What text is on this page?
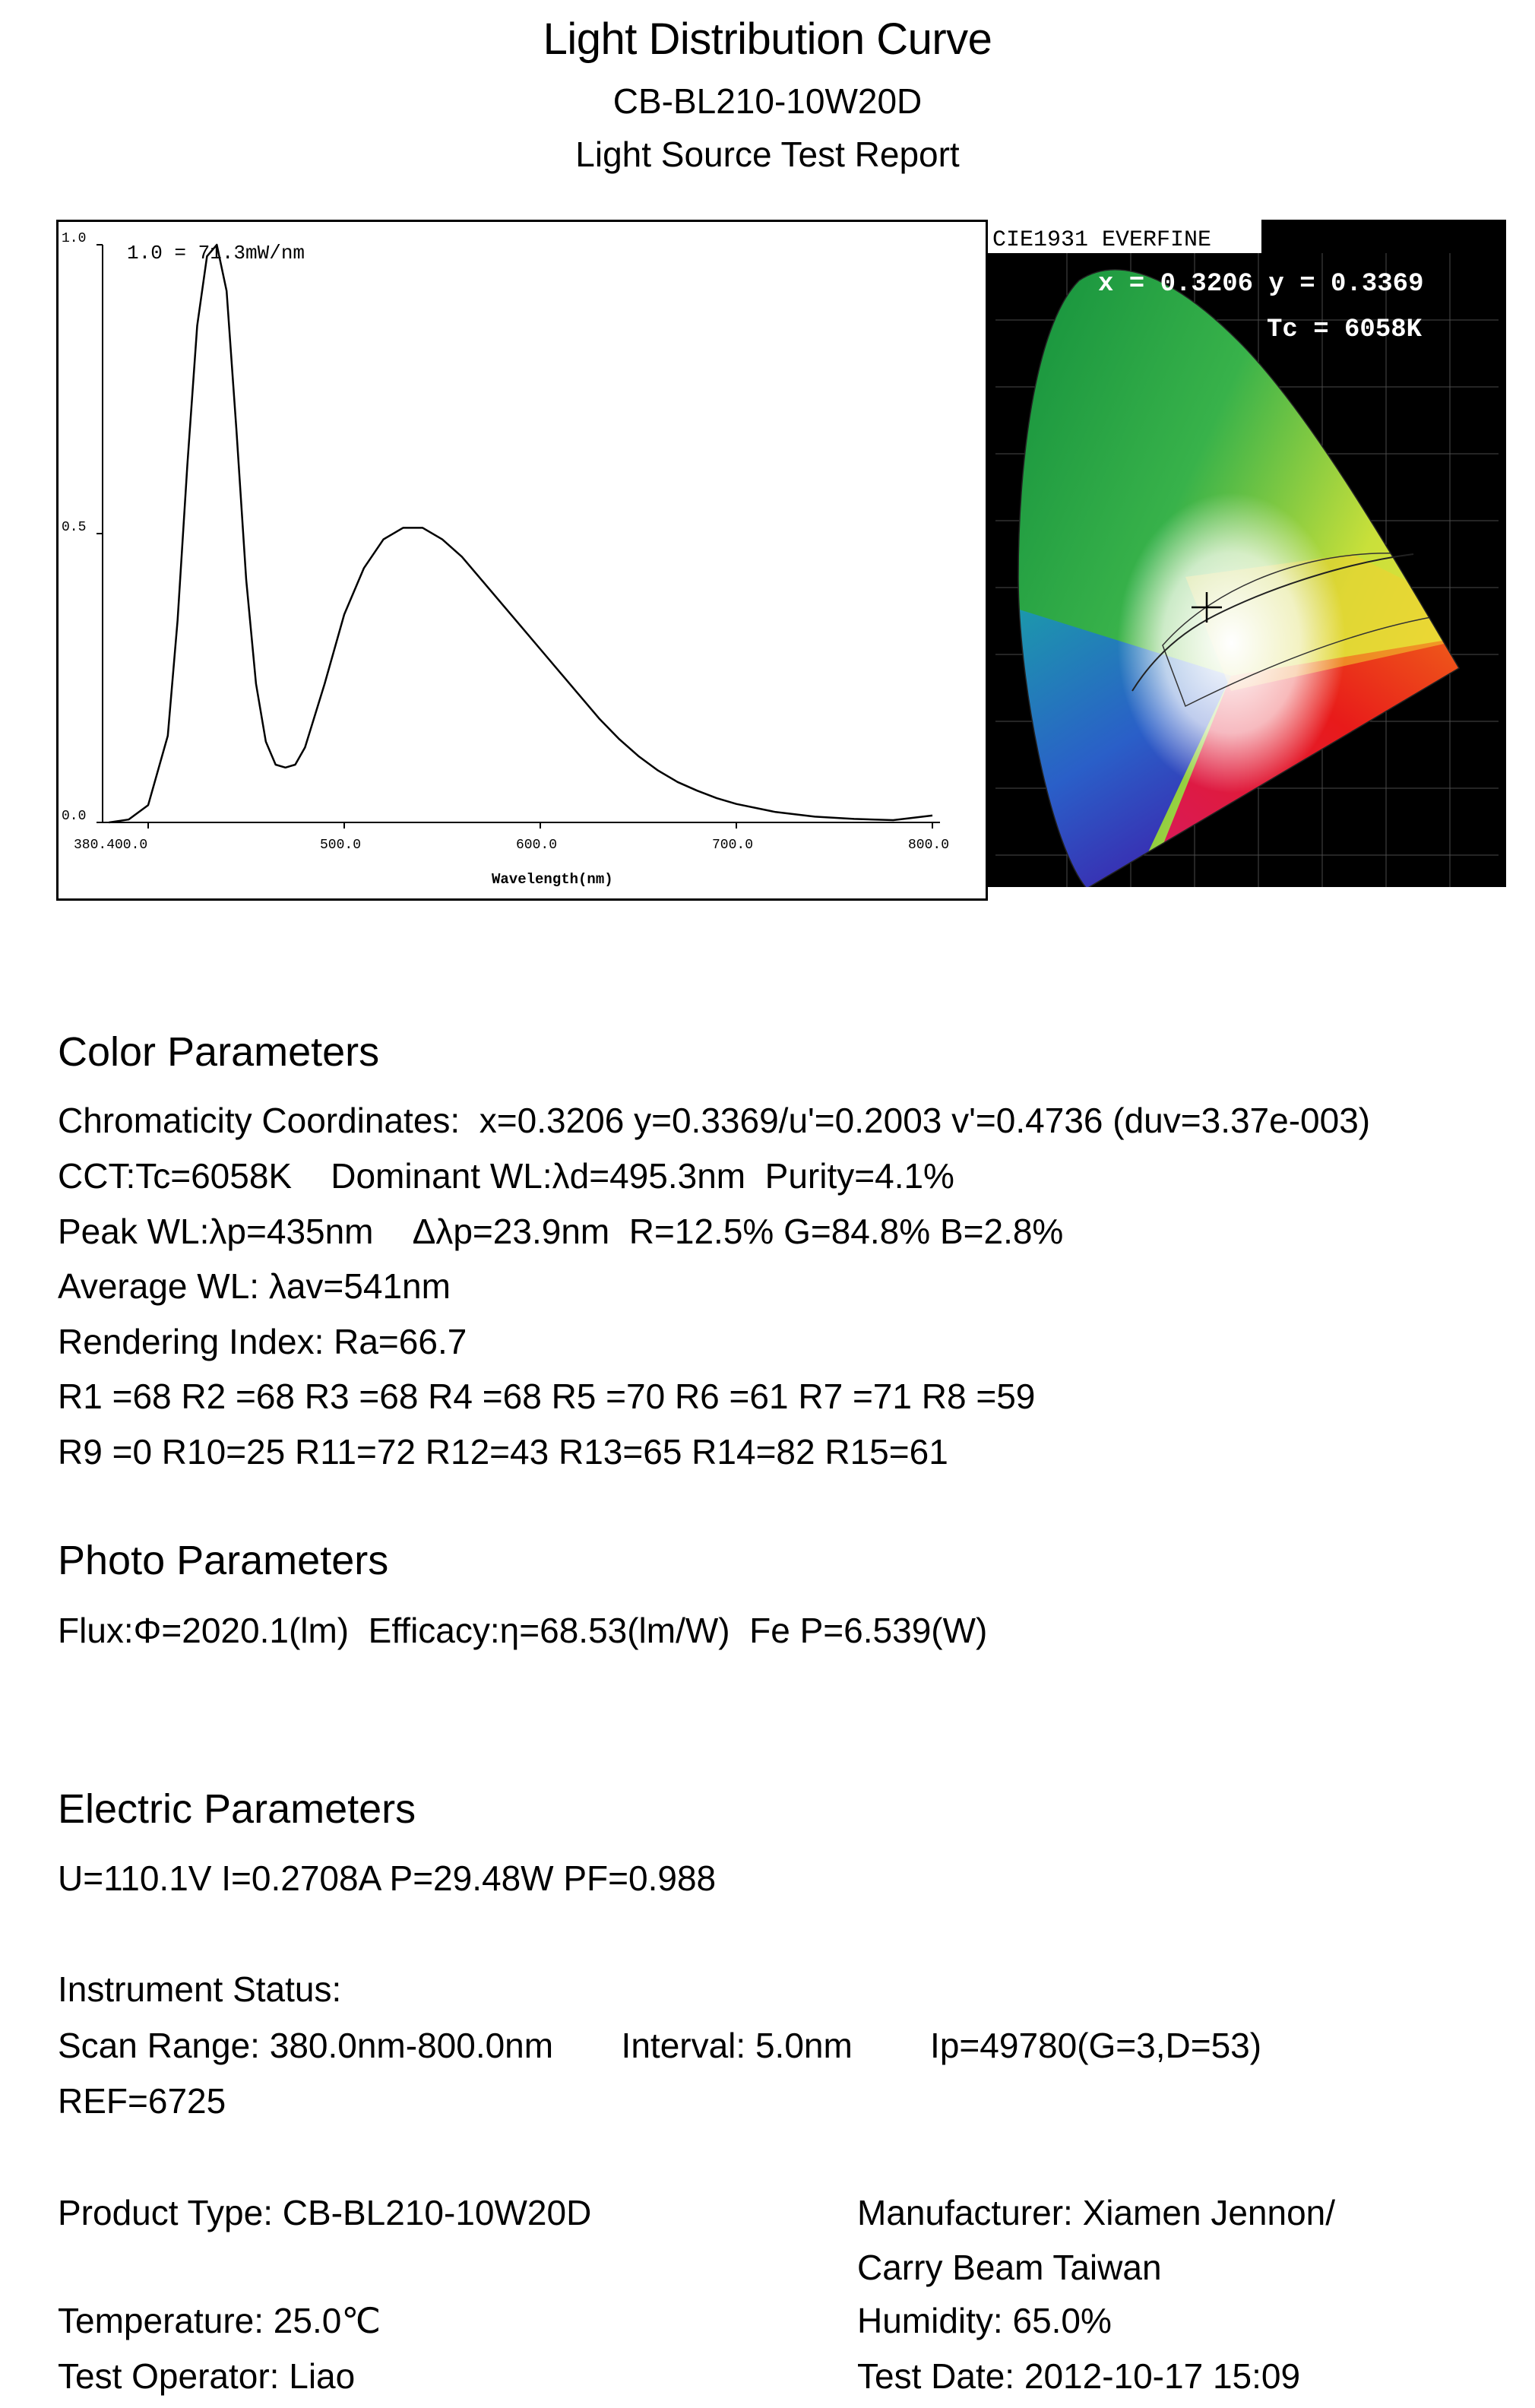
Light Distribution Curve
CB-BL210-10W20D
Light Source Test Report
1.0 = 71.3mW/nm
1.0
0.5
0.0
380.400.0	500.0	600.0	700.0	800.0
Wavelength(nm)
CIE1931 EVERFINE
x = 0.3206 y = 0.3369
Tc = 6058K
Color Parameters
Chromaticity Coordinates:  x=0.3206 y=0.3369/u'=0.2003 v'=0.4736 (duv=3.37e-003)
CCT:Tc=6058K    Dominant WL:λd=495.3nm  Purity=4.1%
Peak WL:λp=435nm    Δλp=23.9nm  R=12.5% G=84.8% B=2.8%
Average WL: λav=541nm
Rendering Index: Ra=66.7
R1 =68 R2 =68 R3 =68 R4 =68 R5 =70 R6 =61 R7 =71 R8 =59
R9 =0 R10=25 R11=72 R12=43 R13=65 R14=82 R15=61
Photo Parameters
Flux:Φ=2020.1(lm)  Efficacy:η=68.53(lm/W)  Fe P=6.539(W)
Electric Parameters
U=110.1V I=0.2708A P=29.48W PF=0.988
Instrument Status:
Scan Range: 380.0nm-800.0nm       Interval: 5.0nm        Ip=49780(G=3,D=53)
REF=6725
Product Type: CB-BL210-10W20D	Manufacturer: Xiamen Jennon/
Carry Beam Taiwan
Temperature: 25.0℃	Humidity: 65.0%
Test Operator: Liao	Test Date: 2012-10-17 15:09
